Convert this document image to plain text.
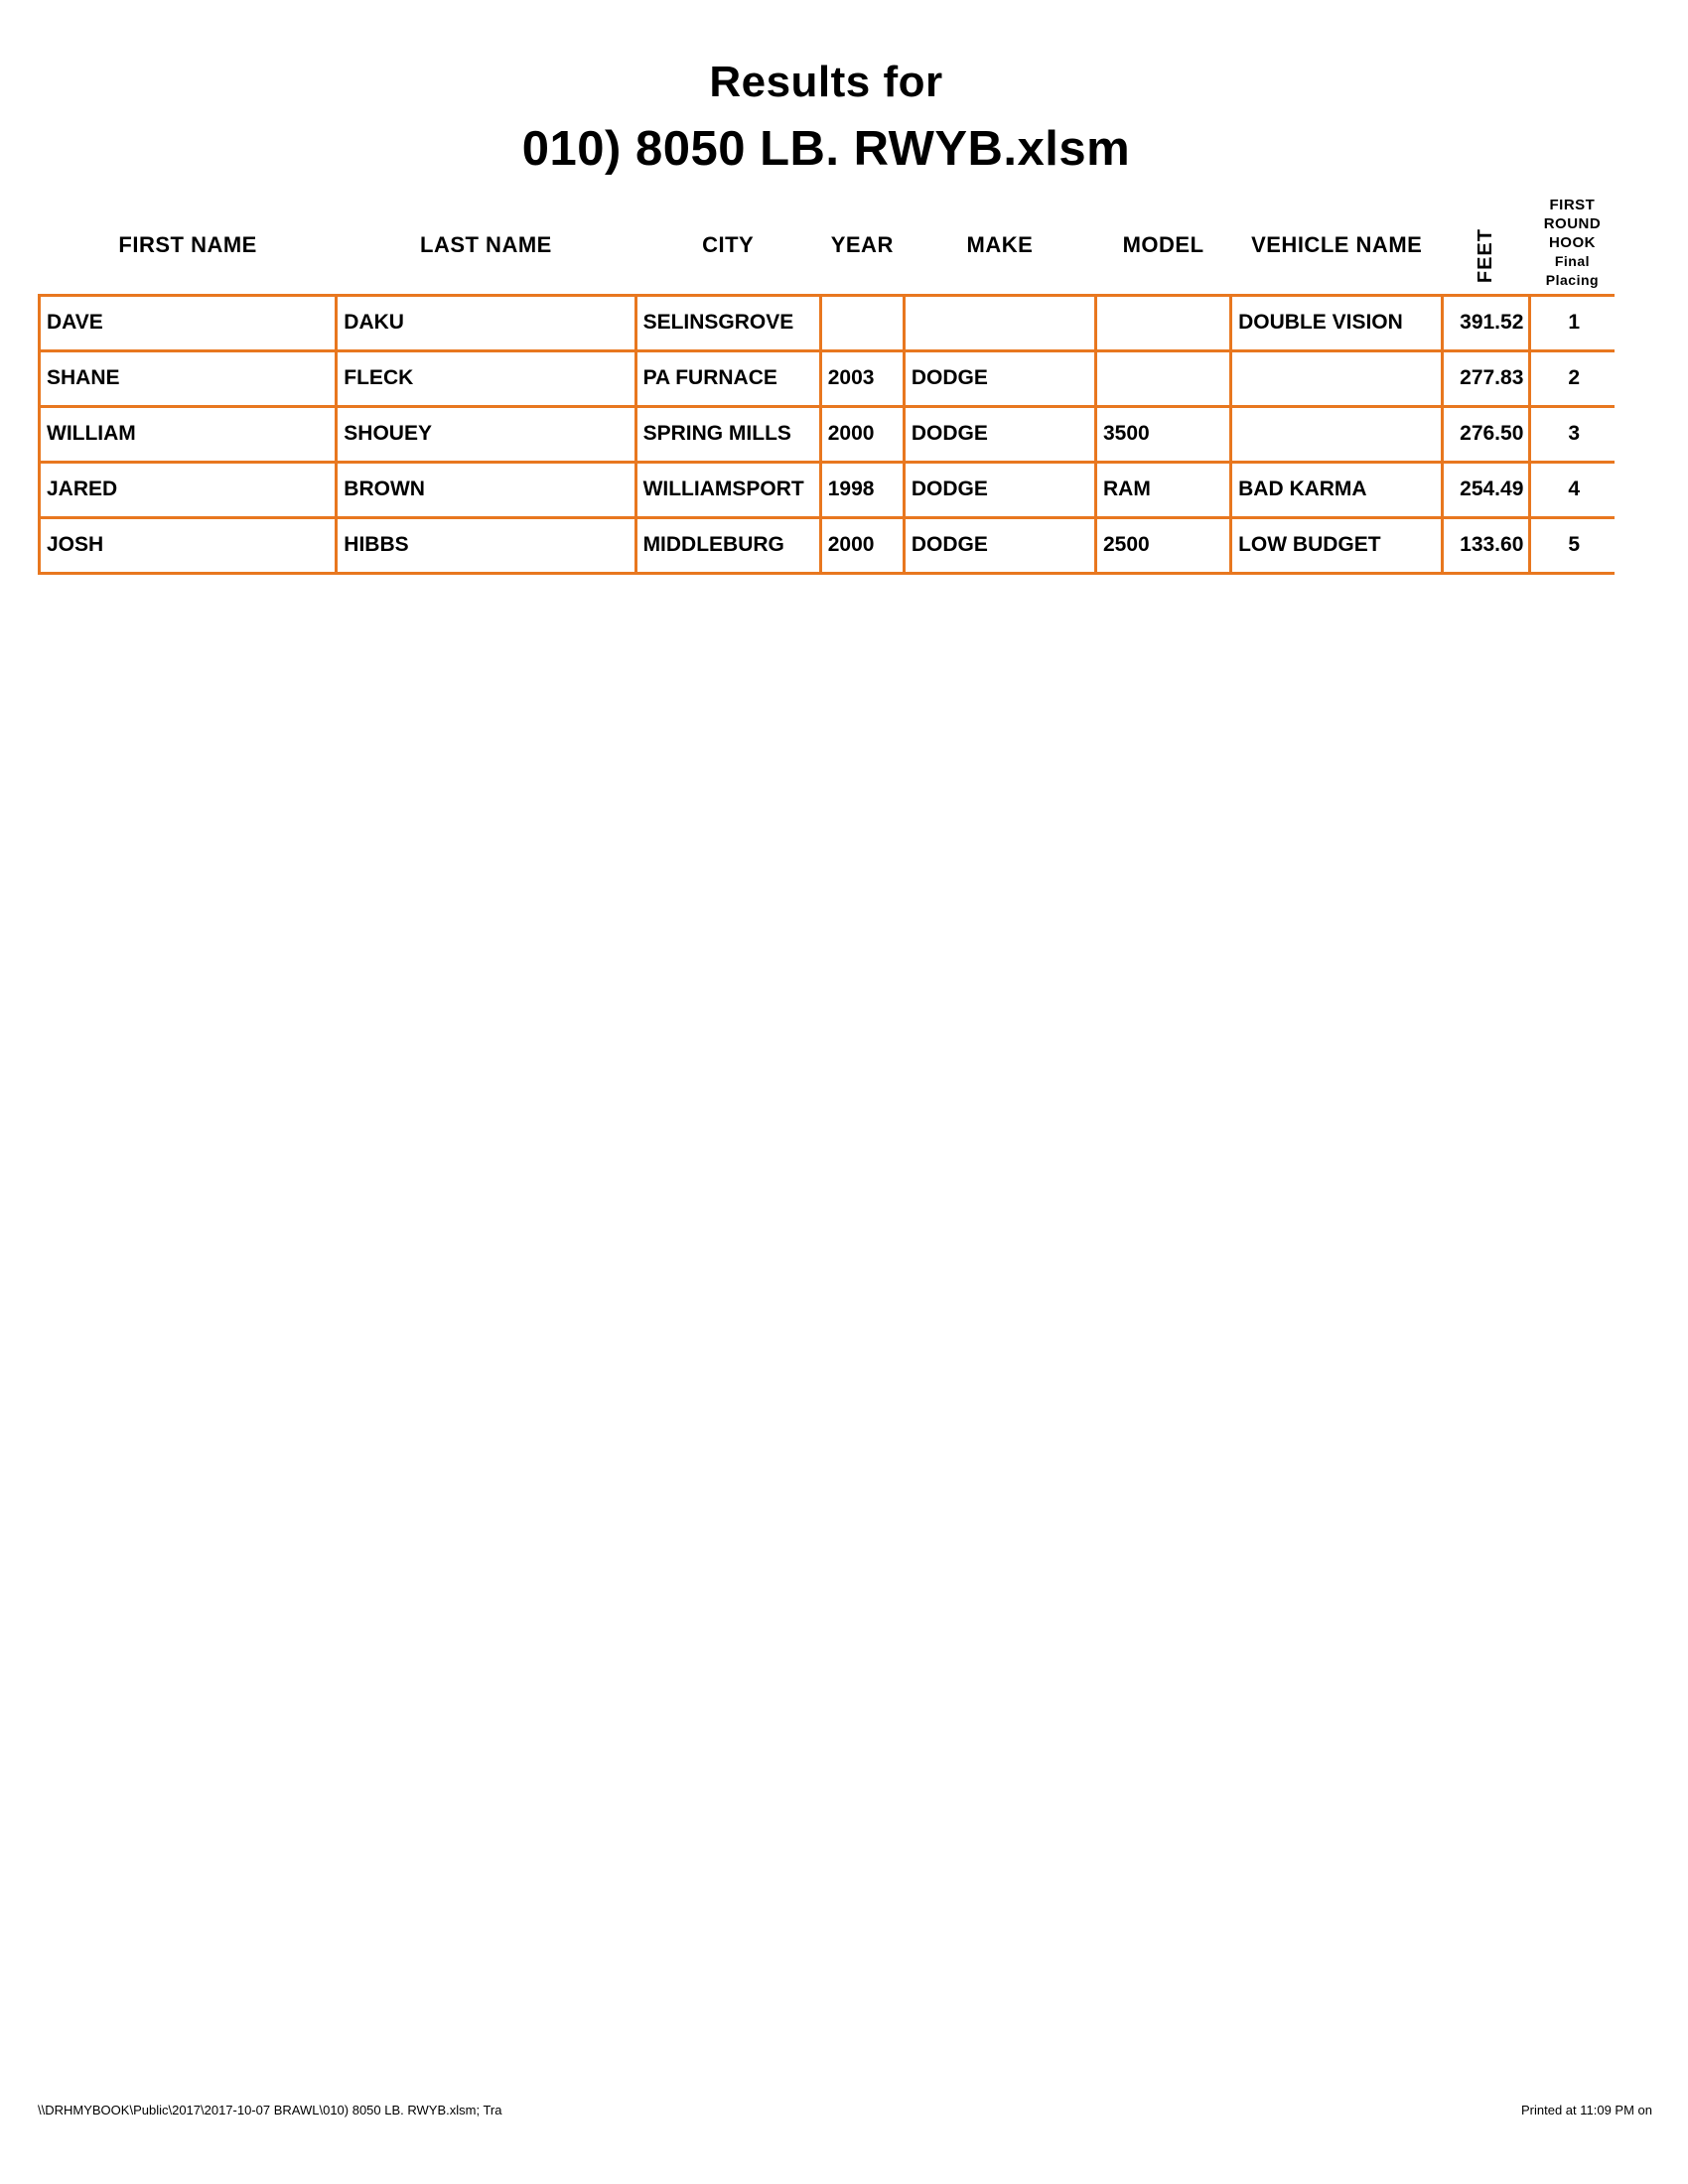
Results for
010) 8050 LB. RWYB.xlsm
FIRST NAME	LAST NAME	CITY	YEAR	MAKE	MODEL	VEHICLE NAME	FEET	FIRST
ROUND
HOOK
Final
Placing

DAVE	DAKU	SELINSGROVE				DOUBLE VISION	391.52	1
SHANE	FLECK	PA FURNACE	2003	DODGE			277.83	2
WILLIAM	SHOUEY	SPRING MILLS	2000	DODGE	3500		276.50	3
JARED	BROWN	WILLIAMSPORT	1998	DODGE	RAM	BAD KARMA	254.49	4
JOSH	HIBBS	MIDDLEBURG	2000	DODGE	2500	LOW BUDGET	133.60	5
\\DRHMYBOOK\Public\2017\2017-10-07 BRAWL\010) 8050 LB. RWYB.xlsm; Tra	Printed at 11:09 PM on
